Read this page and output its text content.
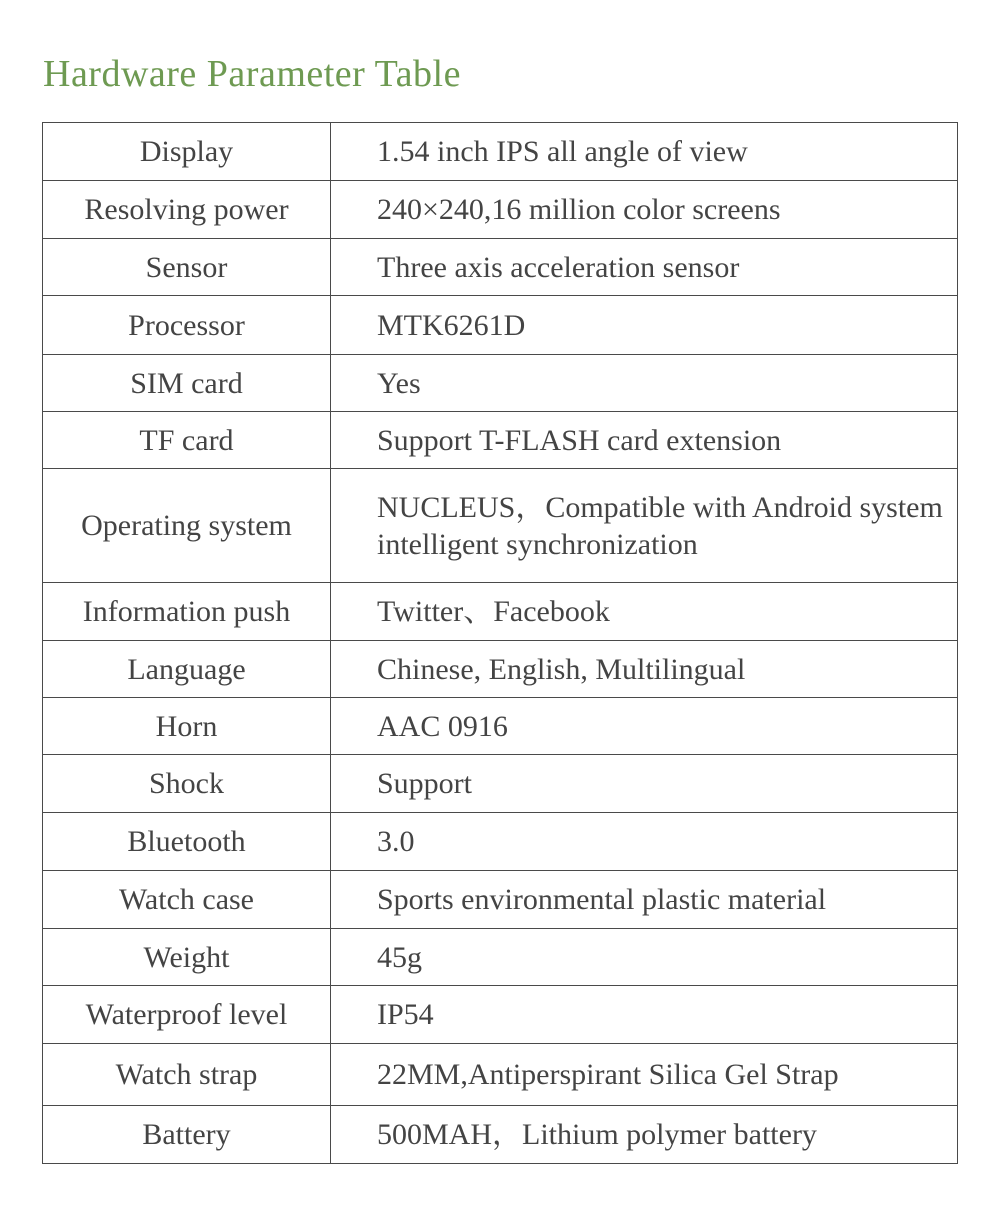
Hardware Parameter Table
Display	1.54 inch IPS all angle of view
Resolving power	240×240,16 million color screens
Sensor	Three axis acceleration sensor
Processor	MTK6261D
SIM card	Yes
TF card	Support T-FLASH card extension
Operating system	NUCLEUS，Compatible with Android system intelligent synchronization
Information push	Twitter、Facebook
Language	Chinese, English, Multilingual
Horn	AAC 0916
Shock	Support
Bluetooth	3.0
Watch case	Sports environmental plastic material
Weight	45g
Waterproof level	IP54
Watch strap	22MM,Antiperspirant Silica Gel Strap
Battery	500MAH，Lithium polymer battery
